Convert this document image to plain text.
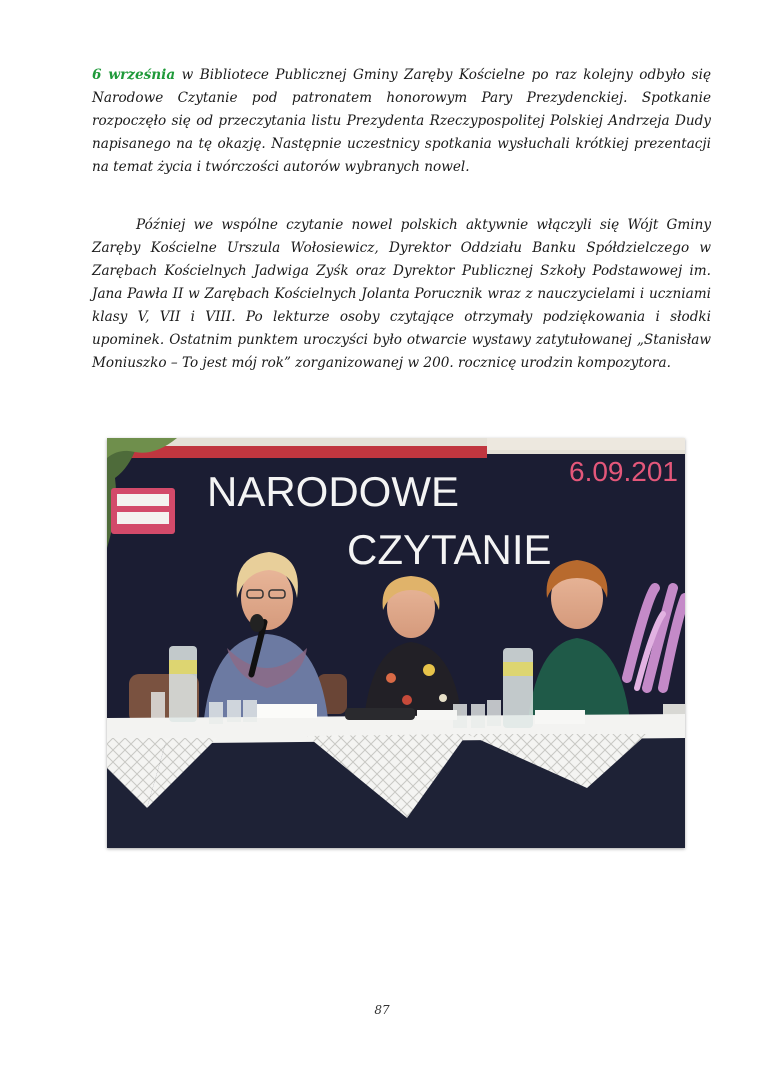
6 września w Bibliotece Publicznej Gminy Zaręby Kościelne po raz kolejny odbyło się Narodowe Czytanie pod patronatem honorowym Pary Prezydenckiej. Spotkanie rozpoczęło się od przeczytania listu Prezydenta Rzeczypospolitej Polskiej Andrzeja Dudy napisanego na tę okazję. Następnie uczestnicy spotkania wysłuchali krótkiej prezentacji na temat życia i twórczości autorów wybranych nowel.

Później we wspólne czytanie nowel polskich aktywnie włączyli się Wójt Gminy Zaręby Kościelne Urszula Wołosiewicz, Dyrektor Oddziału Banku Spółdzielczego w Zarębach Kościelnych Jadwiga Zyśk oraz Dyrektor Publicznej Szkoły Podstawowej im. Jana Pawła II w Zarębach Kościelnych Jolanta Porucznik wraz z nauczycielami i uczniami klasy V, VII i VIII. Po lekturze osoby czytające otrzymały podziękowania i słodki upominek. Ostatnim punktem uroczyści było otwarcie wystawy zatytułowanej „Stanisław Moniuszko – To jest mój rok” zorganizowanej w 200. rocznicę urodzin kompozytora.

NARODOWE
CZYTANIE
6.09.201
87
